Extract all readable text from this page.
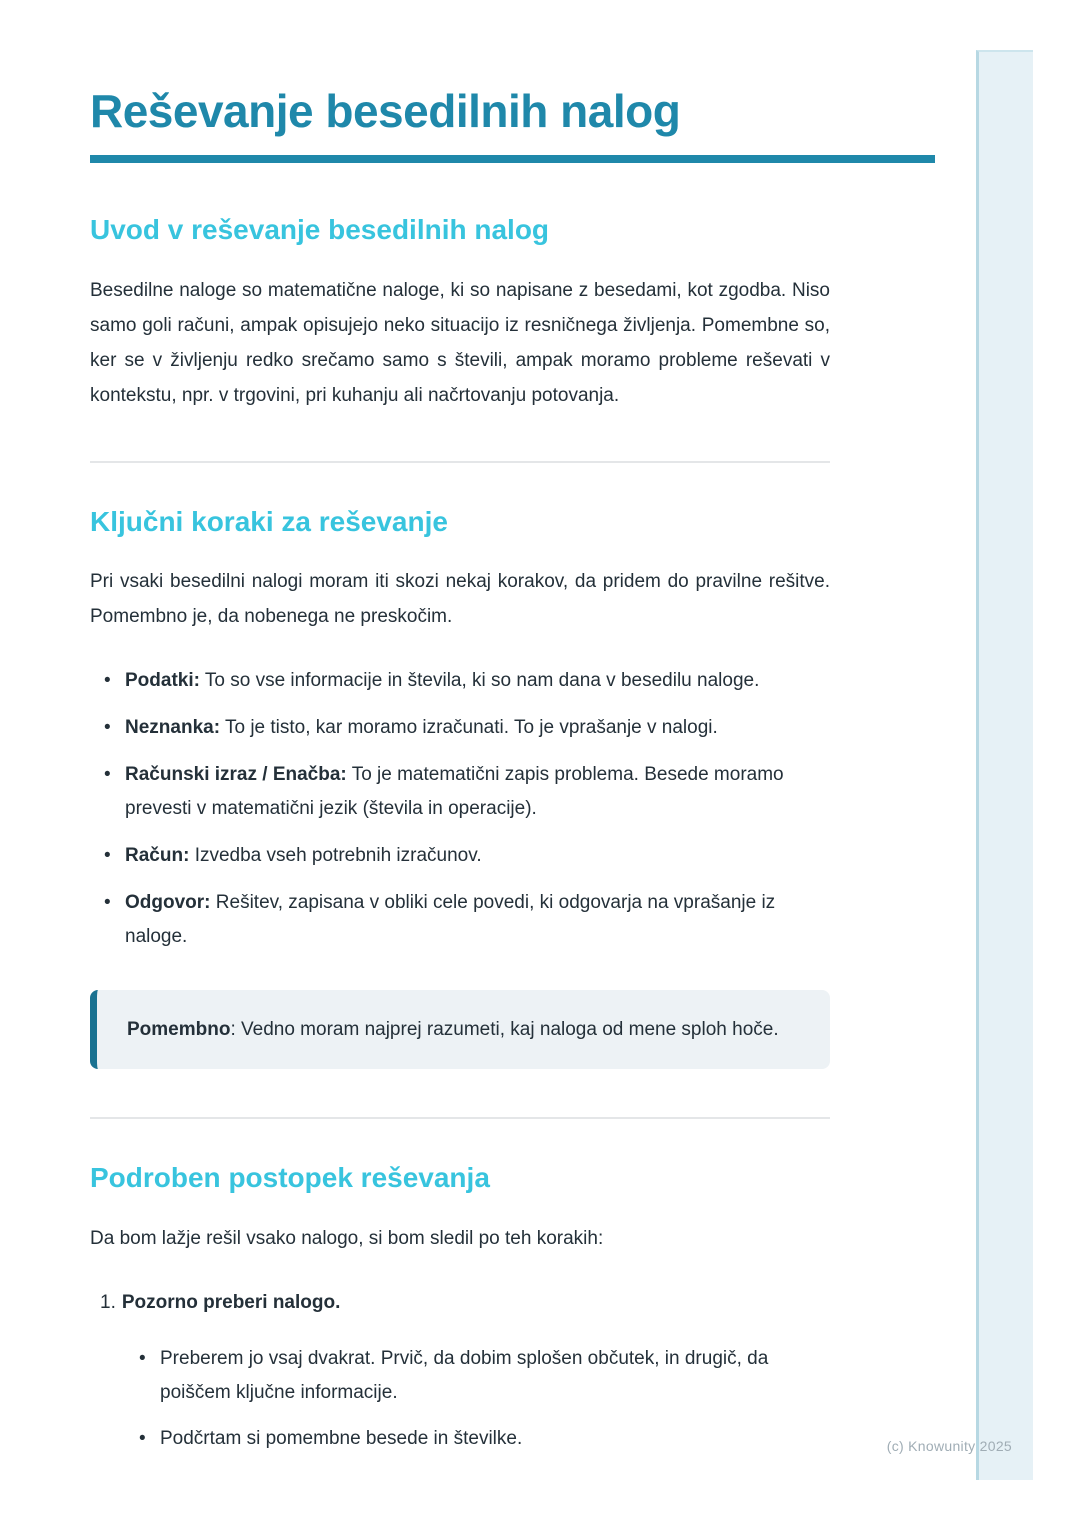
Reševanje besedilnih nalog
Uvod v reševanje besedilnih nalog

Besedilne naloge so matematične naloge, ki so napisane z besedami, kot zgodba. Niso samo goli računi, ampak opisujejo neko situacijo iz resničnega življenja. Pomembne so, ker se v življenju redko srečamo samo s števili, ampak moramo probleme reševati v kontekstu, npr. v trgovini, pri kuhanju ali načrtovanju potovanja.

Ključni koraki za reševanje

Pri vsaki besedilni nalogi moram iti skozi nekaj korakov, da pridem do pravilne rešitve. Pomembno je, da nobenega ne preskočim.

• Podatki: To so vse informacije in števila, ki so nam dana v besedilu naloge.
• Neznanka: To je tisto, kar moramo izračunati. To je vprašanje v nalogi.
• Računski izraz / Enačba: To je matematični zapis problema. Besede moramo prevesti v matematični jezik (števila in operacije).
• Račun: Izvedba vseh potrebnih izračunov.
• Odgovor: Rešitev, zapisana v obliki cele povedi, ki odgovarja na vprašanje iz naloge.

Pomembno: Vedno moram najprej razumeti, kaj naloga od mene sploh hoče.

Podroben postopek reševanja

Da bom lažje rešil vsako nalogo, si bom sledil po teh korakih:

1. Pozorno preberi nalogo.
• Preberem jo vsaj dvakrat. Prvič, da dobim splošen občutek, in drugič, da poiščem ključne informacije.
• Podčrtam si pomembne besede in številke.	(c) Knowunity 2025
